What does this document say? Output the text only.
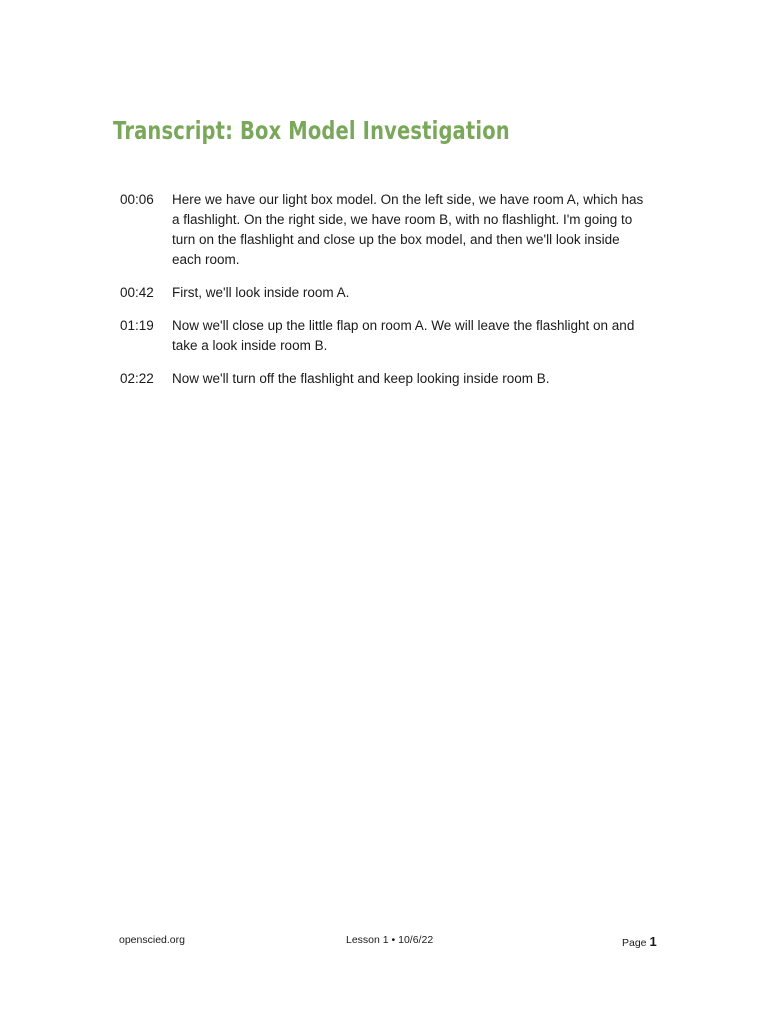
Transcript: Box Model Investigation
00:06	Here we have our light box model. On the left side, we have room A, which has a flashlight. On the right side, we have room B, with no flashlight. I'm going to turn on the flashlight and close up the box model, and then we'll look inside each room.
00:42	First, we'll look inside room A.
01:19	Now we'll close up the little flap on room A. We will leave the flashlight on and take a look inside room B.
02:22	Now we'll turn off the flashlight and keep looking inside room B.
openscied.org	Lesson 1 • 10/6/22	Page 1
